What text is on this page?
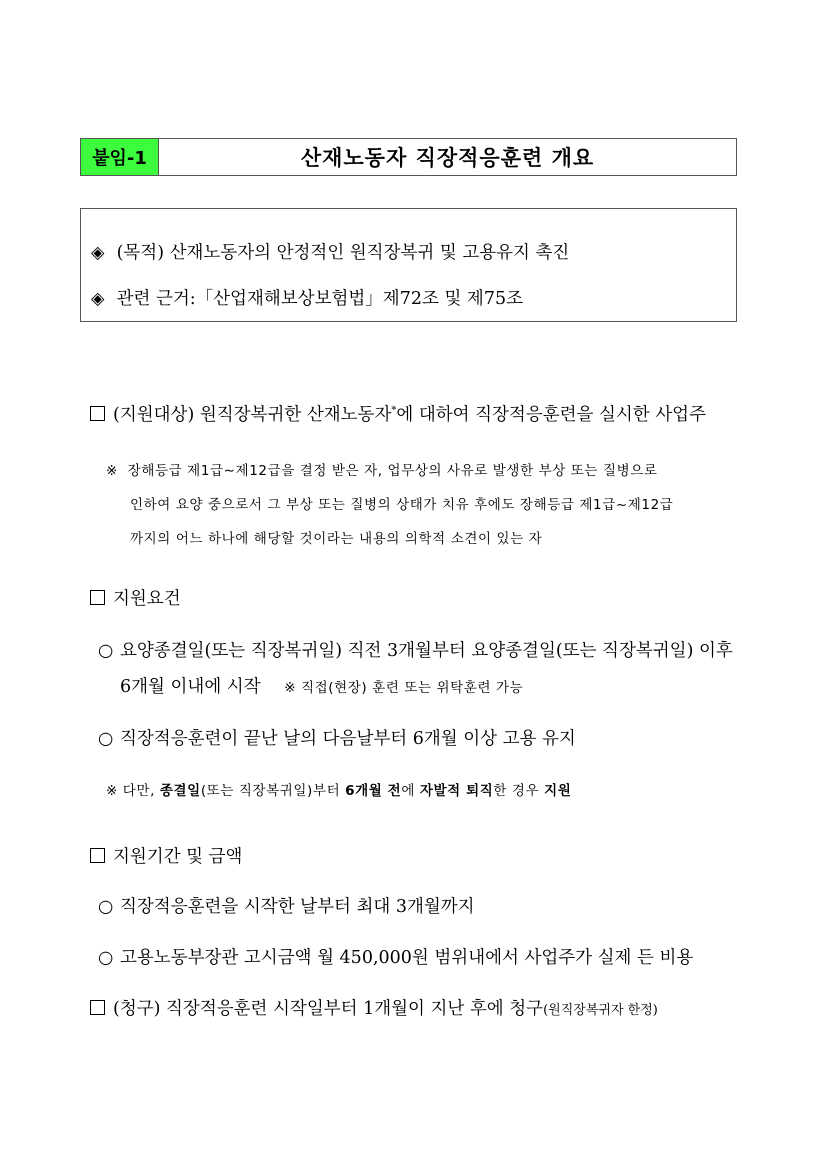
붙임-1	산재노동자 직장적응훈련 개요
◈ (목적) 산재노동자의 안정적인 원직장복귀 및 고용유지 촉진
◈ 관련 근거:「산업재해보상보험법」제72조 및 제75조
(지원대상) 원직장복귀한 산재노동자*에 대하여 직장적응훈련을 실시한 사업주
※ 장해등급 제1급∼제12급을 결정 받은 자, 업무상의 사유로 발생한 부상 또는 질병으로
인하여 요양 중으로서 그 부상 또는 질병의 상태가 치유 후에도 장해등급 제1급~제12급
까지의 어느 하나에 해당할 것이라는 내용의 의학적 소견이 있는 자
지원요건
○ 요양종결일(또는 직장복귀일) 직전 3개월부터 요양종결일(또는 직장복귀일) 이후
6개월 이내에 시작 ※ 직접(현장) 훈련 또는 위탁훈련 가능
○ 직장적응훈련이 끝난 날의 다음날부터 6개월 이상 고용 유지
※ 다만, 종결일(또는 직장복귀일)부터 6개월 전에 자발적 퇴직한 경우 지원
지원기간 및 금액
○ 직장적응훈련을 시작한 날부터 최대 3개월까지
○ 고용노동부장관 고시금액 월 450,000원 범위내에서 사업주가 실제 든 비용
(청구) 직장적응훈련 시작일부터 1개월이 지난 후에 청구(원직장복귀자 한정)
